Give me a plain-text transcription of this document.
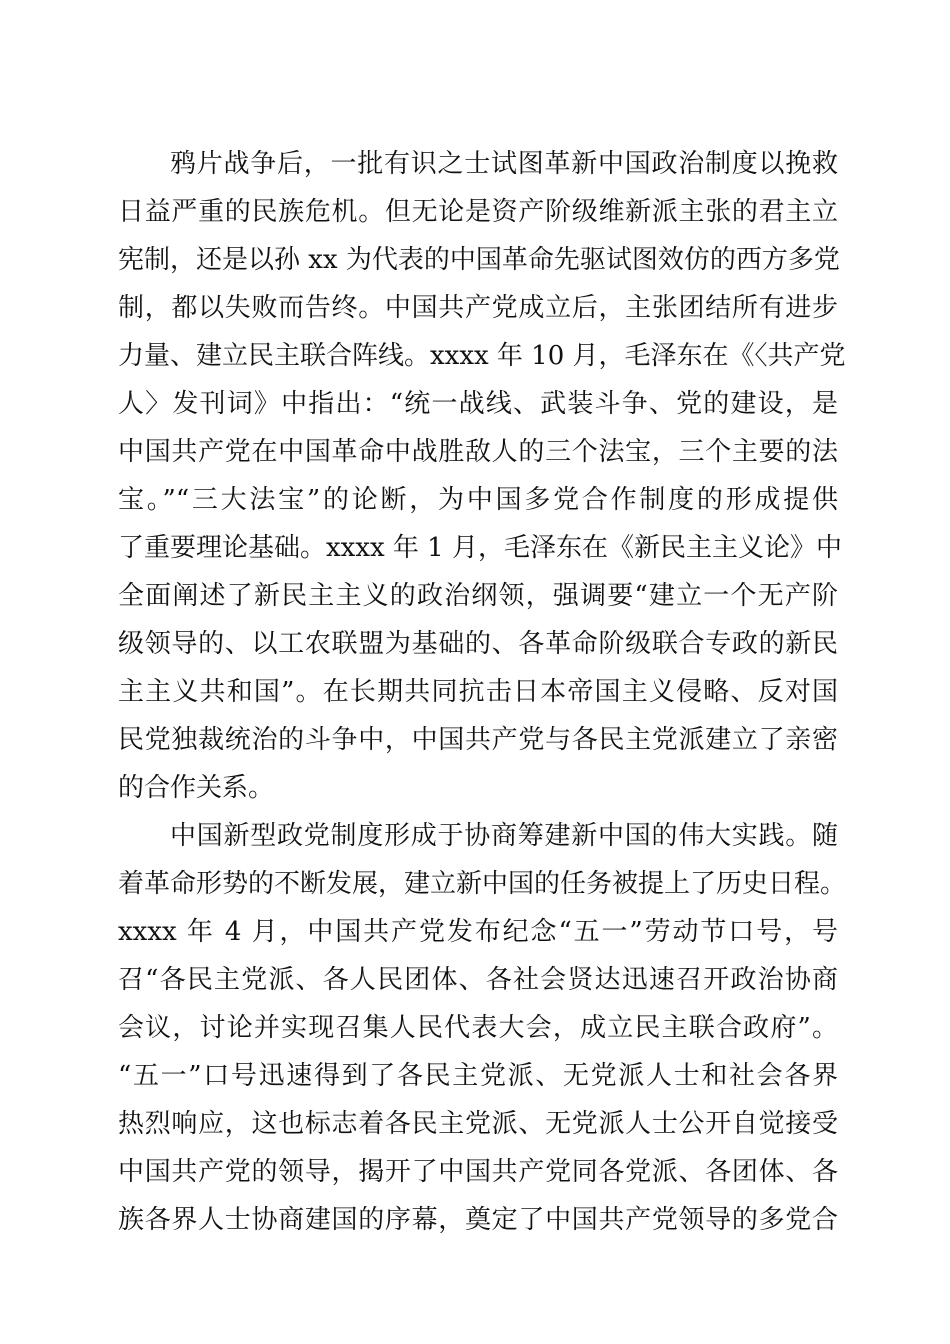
鸦片战争后，一批有识之士试图革新中国政治制度以挽救
日益严重的民族危机。但无论是资产阶级维新派主张的君主立
宪制，还是以孙 xx 为代表的中国革命先驱试图效仿的西方多党
制，都以失败而告终。中国共产党成立后，主张团结所有进步
力量、建立民主联合阵线。xxxx 年 10 月，毛泽东在《〈共产党
人〉发刊词》中指出：“统一战线、武装斗争、党的建设，是
中国共产党在中国革命中战胜敌人的三个法宝，三个主要的法
宝。”“三大法宝”的论断，为中国多党合作制度的形成提供
了重要理论基础。xxxx 年 1 月，毛泽东在《新民主主义论》中
全面阐述了新民主主义的政治纲领，强调要“建立一个无产阶
级领导的、以工农联盟为基础的、各革命阶级联合专政的新民
主主义共和国”。在长期共同抗击日本帝国主义侵略、反对国
民党独裁统治的斗争中，中国共产党与各民主党派建立了亲密
的合作关系。
中国新型政党制度形成于协商筹建新中国的伟大实践。随
着革命形势的不断发展，建立新中国的任务被提上了历史日程。
xxxx 年 4 月，中国共产党发布纪念“五一”劳动节口号，号
召“各民主党派、各人民团体、各社会贤达迅速召开政治协商
会议，讨论并实现召集人民代表大会，成立民主联合政府”。
“五一”口号迅速得到了各民主党派、无党派人士和社会各界
热烈响应，这也标志着各民主党派、无党派人士公开自觉接受
中国共产党的领导，揭开了中国共产党同各党派、各团体、各
族各界人士协商建国的序幕，奠定了中国共产党领导的多党合
